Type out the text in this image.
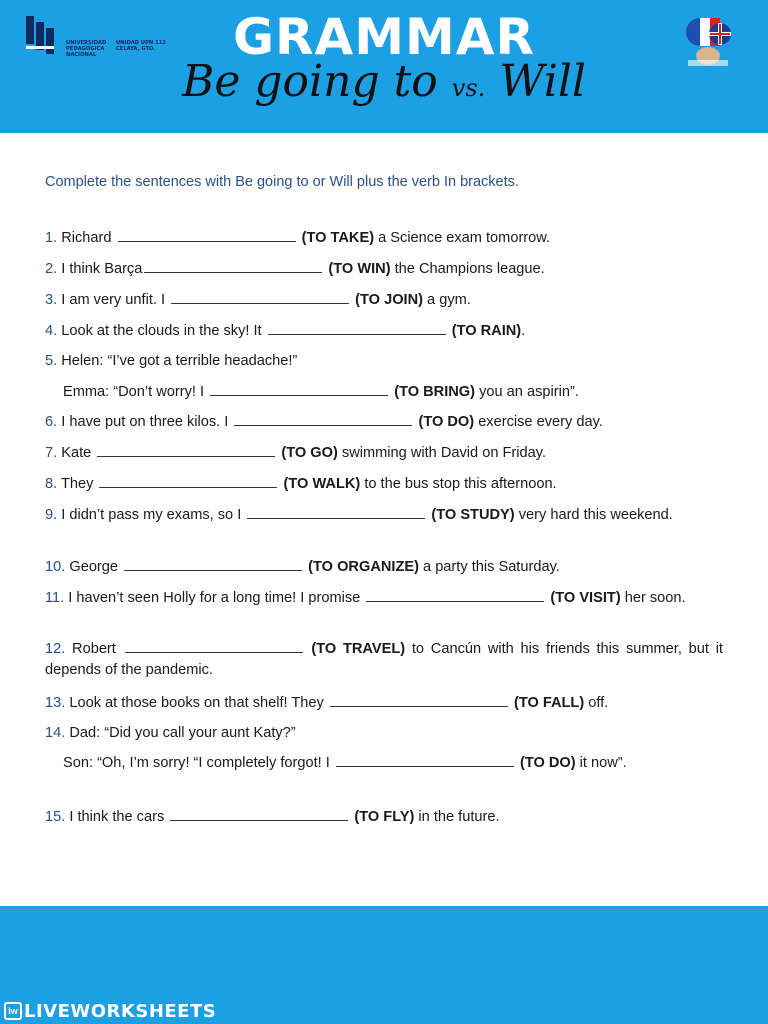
UNIVERSIDAD
PEDAGÓGICA
NACIONAL
UNIDAD UPN 112
CELAYA, GTO.	GRAMMAR
Be going to vs. Will
Complete the sentences with Be going to or Will plus the verb In brackets.
1. Richard	(TO TAKE) a Science exam tomorrow.
2. I think Barça	(TO WIN) the Champions league.
3. I am very unfit. I	(TO JOIN) a gym.
4. Look at the clouds in the sky! It	(TO RAIN).
5. Helen: “I’ve got a terrible headache!”
Emma: “Don’t worry! I	(TO BRING) you an aspirin”.
6. I have put on three kilos. I	(TO DO) exercise every day.
7. Kate	(TO GO) swimming with David on Friday.
8. They	(TO WALK) to the bus stop this afternoon.
9. I didn’t pass my exams, so I	(TO STUDY) very hard this weekend.
10. George	(TO ORGANIZE) a party this Saturday.
11. I haven’t seen Holly for a long time! I promise	(TO VISIT) her soon.
12. Robert	(TO TRAVEL) to Cancún with his friends this summer, but it depends of the pandemic.
13. Look at those books on that shelf! They	(TO FALL) off.
14. Dad: “Did you call your aunt Katy?”
Son: “Oh, I’m sorry! “I completely forgot! I	(TO DO) it now”.
15. I think the cars	(TO FLY) in the future.
lw LIVEWORKSHEETS
